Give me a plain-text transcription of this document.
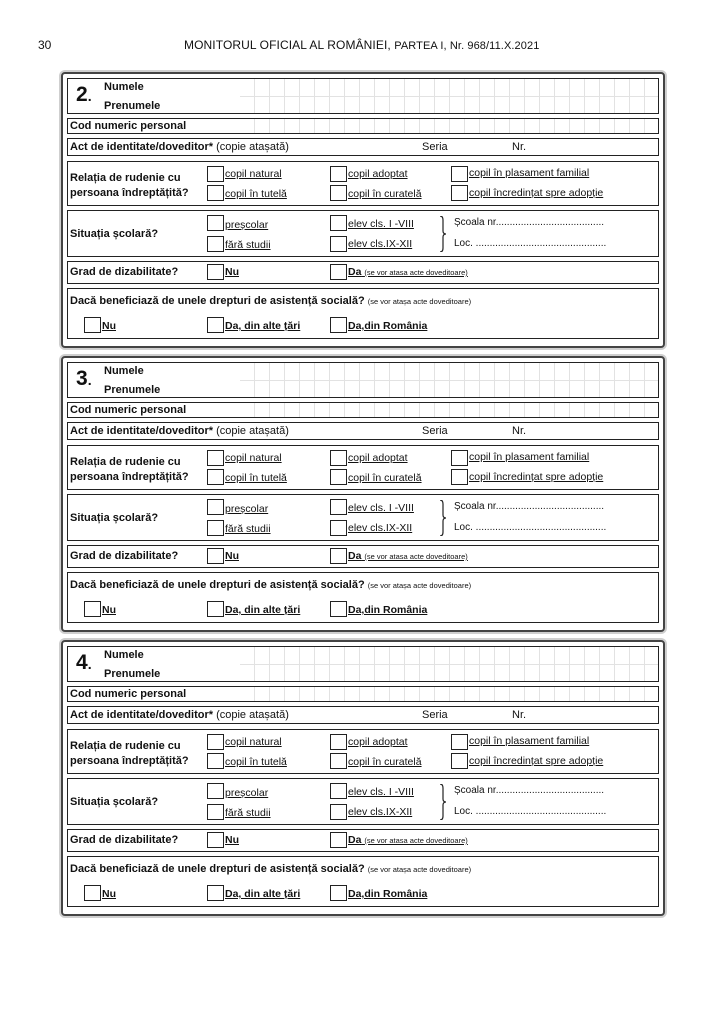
30	MONITORUL OFICIAL AL ROMÂNIEI, PARTEA I, Nr. 968/11.X.2021
2.
Numele
Prenumele
Cod numeric personal
Act de identitate/doveditor* (copie atașată)	Seria	Nr.
Relația de rudenie cu
persoana îndreptățită?
copil natural	copil adoptat	copil în plasament familial
copil în tutelă	copil în curatelă	copil încredințat spre adopție
Situația școlară?
preșcolar	elev cls. I -VIII
fără studii	elev cls.IX-XII
Școala nr.......................................
Loc. ...............................................
Grad de dizabilitate?	Nu	Da (se vor atasa acte doveditoare)
Dacă beneficiază de unele drepturi de asistență socială? (se vor atașa acte doveditoare)
Nu	Da, din alte țări	Da,din România
3.
Numele
Prenumele
Cod numeric personal
Act de identitate/doveditor* (copie atașată)	Seria	Nr.
Relația de rudenie cu
persoana îndreptățită?
copil natural	copil adoptat	copil în plasament familial
copil în tutelă	copil în curatelă	copil încredințat spre adopție
Situația școlară?
preșcolar	elev cls. I -VIII
fără studii	elev cls.IX-XII
Școala nr.......................................
Loc. ...............................................
Grad de dizabilitate?	Nu	Da (se vor atasa acte doveditoare)
Dacă beneficiază de unele drepturi de asistență socială? (se vor atașa acte doveditoare)
Nu	Da, din alte țări	Da,din România
4.
Numele
Prenumele
Cod numeric personal
Act de identitate/doveditor* (copie atașată)	Seria	Nr.
Relația de rudenie cu
persoana îndreptățită?
copil natural	copil adoptat	copil în plasament familial
copil în tutelă	copil în curatelă	copil încredințat spre adopție
Situația școlară?
preșcolar	elev cls. I -VIII
fără studii	elev cls.IX-XII
Școala nr.......................................
Loc. ...............................................
Grad de dizabilitate?	Nu	Da (se vor atasa acte doveditoare)
Dacă beneficiază de unele drepturi de asistență socială? (se vor atașa acte doveditoare)
Nu	Da, din alte țări	Da,din România
